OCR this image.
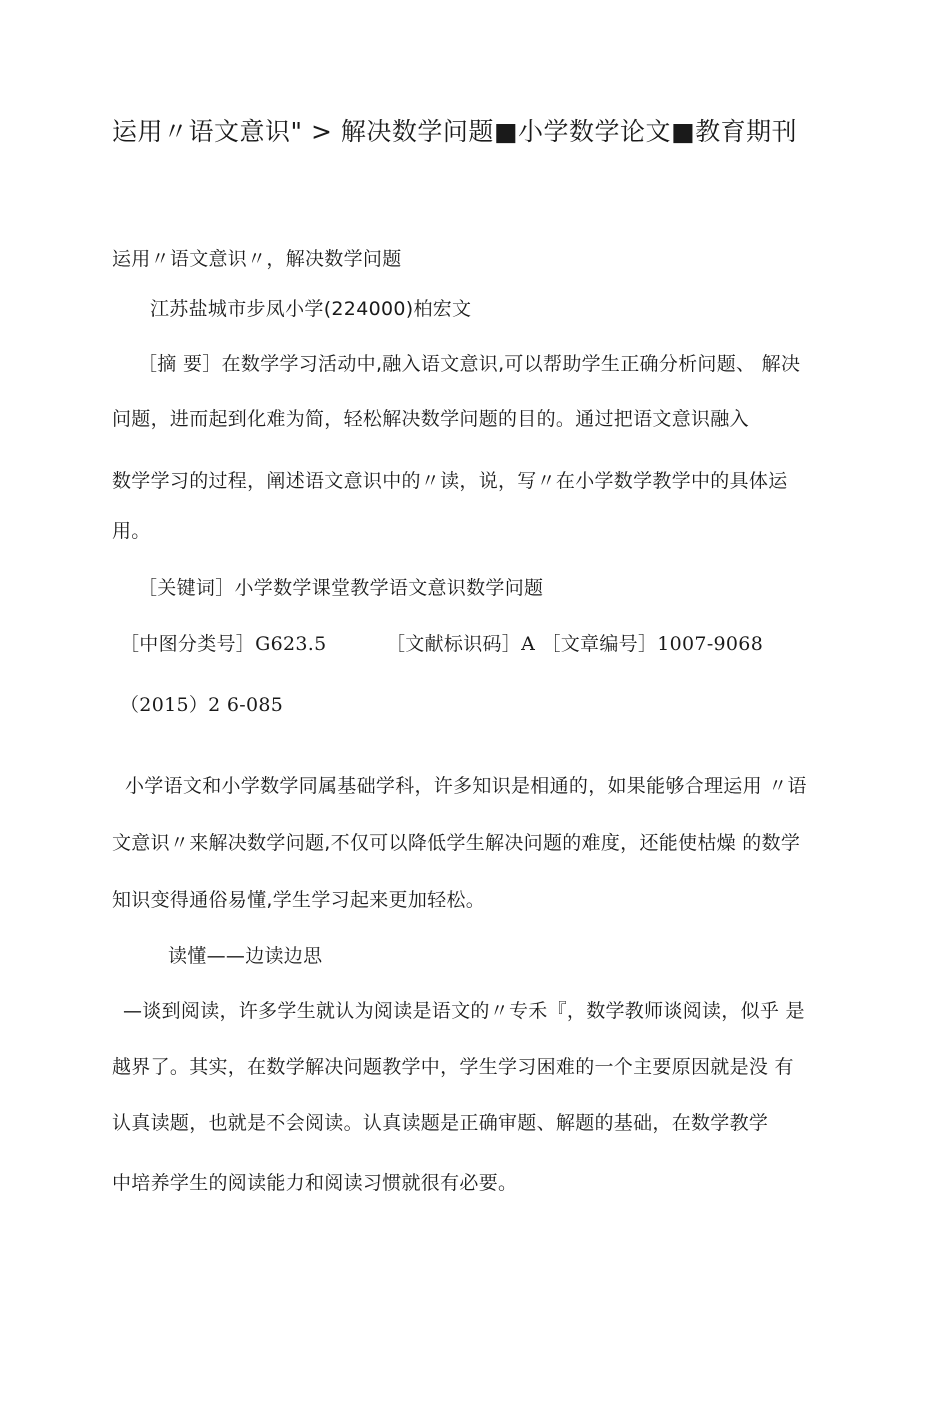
运用〃语文意识" > 解决数学问题■小学数学论文■教育期刊
运用〃语文意识〃，解决数学问题
江苏盐城市步凤小学(224000)柏宏文
［摘 要］在数学学习活动中,融入语文意识,可以帮助学生正确分析问题、 解决
问题，进而起到化难为简，轻松解决数学问题的目的。通过把语文意识融入
数学学习的过程，阐述语文意识中的〃读，说，写〃在小学数学教学中的具体运
用。
［关键词］小学数学课堂教学语文意识数学问题
［中图分类号］G623.5	［文献标识码］A ［文章编号］1007-9068
（2015）2 6-085
小学语文和小学数学同属基础学科，许多知识是相通的，如果能够合理运用 〃语
文意识〃来解决数学问题,不仅可以降低学生解决问题的难度，还能使枯燥 的数学
知识变得通俗易懂,学生学习起来更加轻松。
读懂——边读边思
—谈到阅读，许多学生就认为阅读是语文的〃专禾『，数学教师谈阅读，似乎 是
越界了。其实，在数学解决问题教学中，学生学习困难的一个主要原因就是没 有
认真读题，也就是不会阅读。认真读题是正确审题、解题的基础，在数学教学
中培养学生的阅读能力和阅读习惯就很有必要。
